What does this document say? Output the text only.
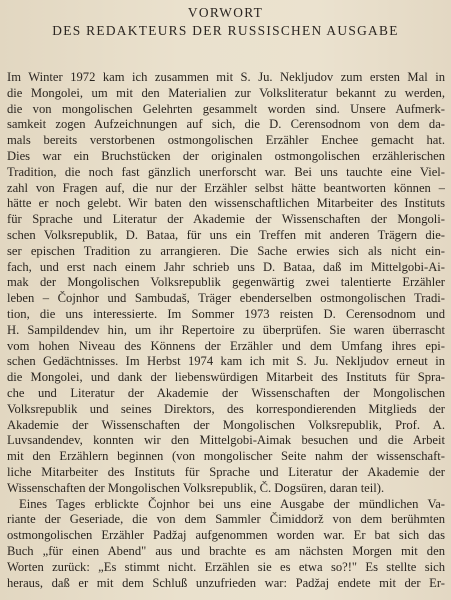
VORWORT
DES REDAKTEURS DER RUSSISCHEN AUSGABE
Im Winter 1972 kam ich zusammen mit S. Ju. Nekljudov zum ersten Mal in
die Mongolei, um mit den Materialien zur Volksliteratur bekannt zu werden,
die von mongolischen Gelehrten gesammelt worden sind. Unsere Aufmerk-
samkeit zogen Aufzeichnungen auf sich, die D. Cerensodnom von dem da-
mals bereits verstorbenen ostmongolischen Erzähler Enchee gemacht hat.
Dies war ein Bruchstücken der originalen ostmongolischen erzählerischen
Tradition, die noch fast gänzlich unerforscht war. Bei uns tauchte eine Viel-
zahl von Fragen auf, die nur der Erzähler selbst hätte beantworten können –
hätte er noch gelebt. Wir baten den wissenschaftlichen Mitarbeiter des Instituts
für Sprache und Literatur der Akademie der Wissenschaften der Mongoli-
schen Volksrepublik, D. Bataa, für uns ein Treffen mit anderen Trägern die-
ser epischen Tradition zu arrangieren. Die Sache erwies sich als nicht ein-
fach, und erst nach einem Jahr schrieb uns D. Bataa, daß im Mittelgobi-Ai-
mak der Mongolischen Volksrepublik gegenwärtig zwei talentierte Erzähler
leben – Čojnhor und Sambudaš, Träger ebenderselben ostmongolischen Tradi-
tion, die uns interessierte. Im Sommer 1973 reisten D. Cerensodnom und
H. Sampildendev hin, um ihr Repertoire zu überprüfen. Sie waren überrascht
vom hohen Niveau des Könnens der Erzähler und dem Umfang ihres epi-
schen Gedächtnisses. Im Herbst 1974 kam ich mit S. Ju. Nekljudov erneut in
die Mongolei, und dank der liebenswürdigen Mitarbeit des Instituts für Spra-
che und Literatur der Akademie der Wissenschaften der Mongolischen
Volksrepublik und seines Direktors, des korrespondierenden Mitglieds der
Akademie der Wissenschaften der Mongolischen Volksrepublik, Prof. A.
Luvsandendev, konnten wir den Mittelgobi-Aimak besuchen und die Arbeit
mit den Erzählern beginnen (von mongolischer Seite nahm der wissenschaft-
liche Mitarbeiter des Instituts für Sprache und Literatur der Akademie der
Wissenschaften der Mongolischen Volksrepublik, Č. Dogsüren, daran teil).
Eines Tages erblickte Čojnhor bei uns eine Ausgabe der mündlichen Va-
riante der Geseriade, die von dem Sammler Čimiddorž von dem berühmten
ostmongolischen Erzähler Padžaj aufgenommen worden war. Er bat sich das
Buch „für einen Abend" aus und brachte es am nächsten Morgen mit den
Worten zurück: „Es stimmt nicht. Erzählen sie es etwa so?!" Es stellte sich
heraus, daß er mit dem Schluß unzufrieden war: Padžaj endete mit der Er-
